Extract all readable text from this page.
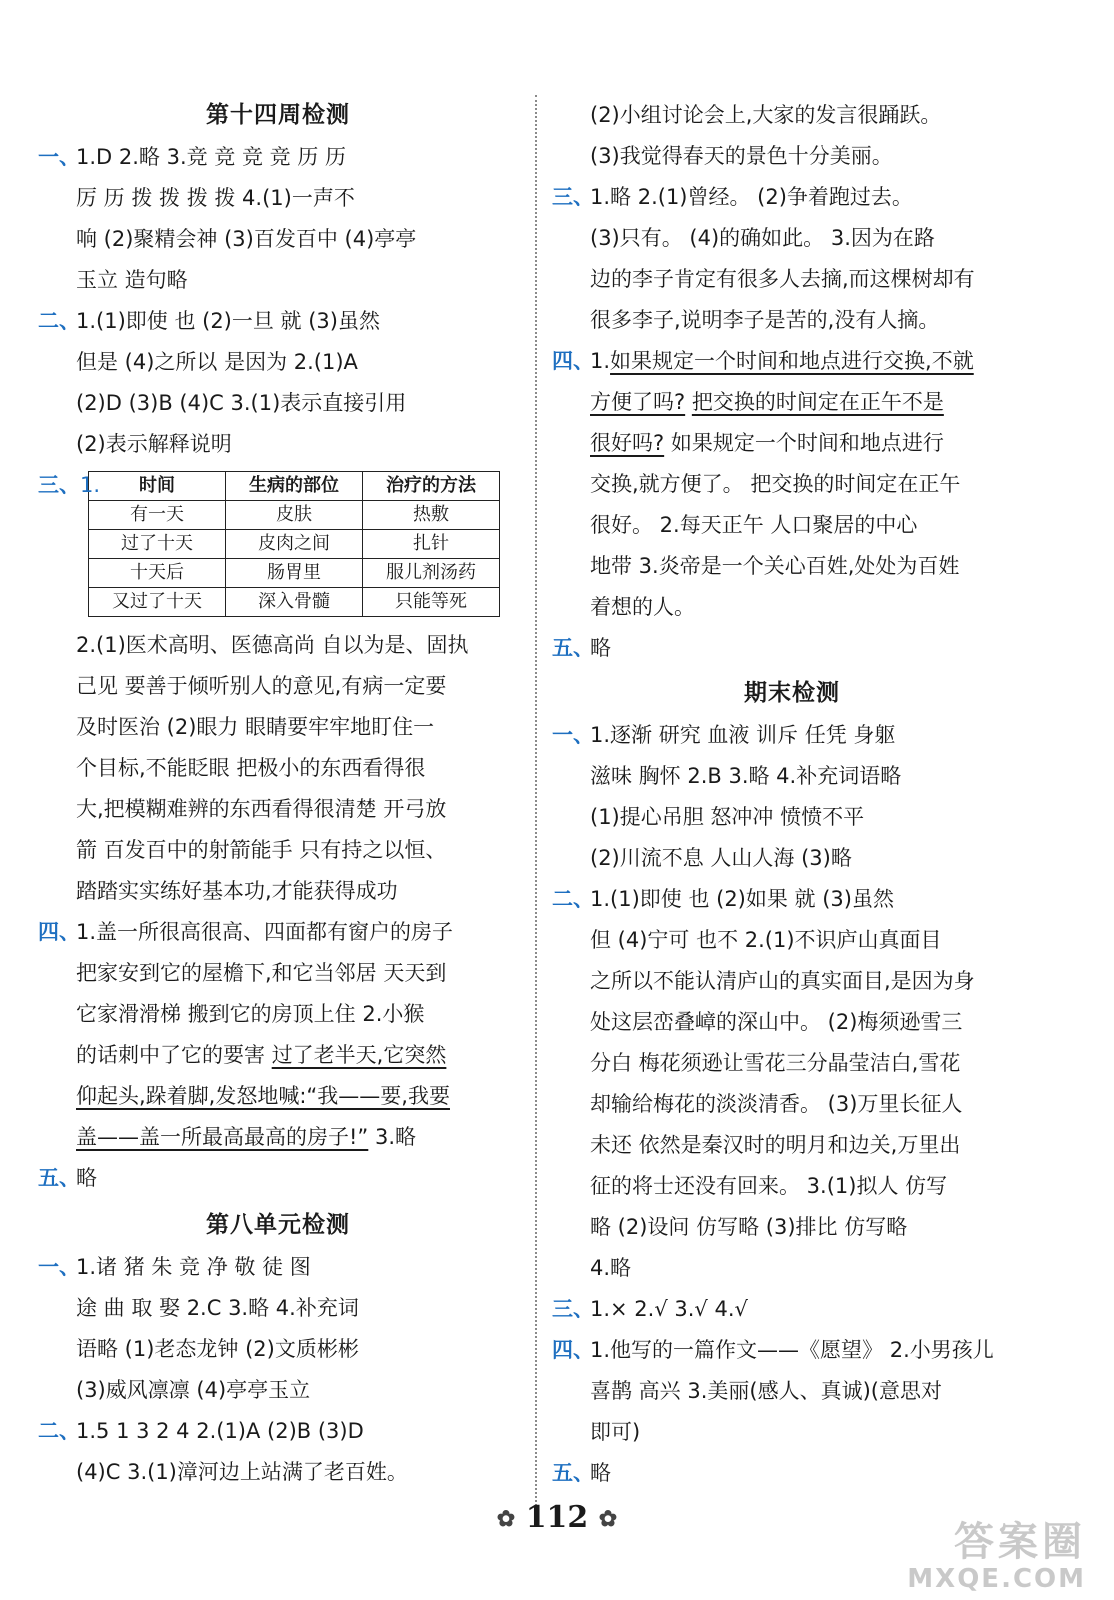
第十四周检测
一、
1.D 2.略 3.竞 竞 竞 竞 历 历
厉 历 拨 拨 拨 拨 4.(1)一声不
响 (2)聚精会神 (3)百发百中 (4)亭亭
玉立 造句略
二、
1.(1)即使 也 (2)一旦 就 (3)虽然
但是 (4)之所以 是因为 2.(1)A
(2)D (3)B (4)C 3.(1)表示直接引用
(2)表示解释说明
三、1. 时间	生病的部位	治疗的方法
有一天	皮肤	热敷
过了十天	皮肉之间	扎针
十天后	肠胃里	服儿剂汤药
又过了十天	深入骨髓	只能等死
2.(1)医术高明、医德高尚 自以为是、固执
己见 要善于倾听别人的意见,有病一定要
及时医治 (2)眼力 眼睛要牢牢地盯住一
个目标,不能眨眼 把极小的东西看得很
大,把模糊难辨的东西看得很清楚 开弓放
箭 百发百中的射箭能手 只有持之以恒、
踏踏实实练好基本功,才能获得成功
四、
1.盖一所很高很高、四面都有窗户的房子
把家安到它的屋檐下,和它当邻居 天天到
它家滑滑梯 搬到它的房顶上住 2.小猴
的话刺中了它的要害 过了老半天,它突然
仰起头,跺着脚,发怒地喊:“我——要,我要
盖——盖一所最高最高的房子!” 3.略
五、
略
第八单元检测
一、
1.诸 猪 朱 竞 净 敬 徒 图
途 曲 取 娶 2.C 3.略 4.补充词
语略 (1)老态龙钟 (2)文质彬彬
(3)威风凛凛 (4)亭亭玉立
二、
1.5 1 3 2 4 2.(1)A (2)B (3)D
(4)C 3.(1)漳河边上站满了老百姓。
(2)小组讨论会上,大家的发言很踊跃。
(3)我觉得春天的景色十分美丽。
三、
1.略 2.(1)曾经。 (2)争着跑过去。
(3)只有。 (4)的确如此。 3.因为在路
边的李子肯定有很多人去摘,而这棵树却有
很多李子,说明李子是苦的,没有人摘。
四、
1.如果规定一个时间和地点进行交换,不就
方便了吗? 把交换的时间定在正午不是
很好吗? 如果规定一个时间和地点进行
交换,就方便了。 把交换的时间定在正午
很好。 2.每天正午 人口聚居的中心
地带 3.炎帝是一个关心百姓,处处为百姓
着想的人。
五、
略
期末检测
一、
1.逐渐 研究 血液 训斥 任凭 身躯
滋味 胸怀 2.B 3.略 4.补充词语略
(1)提心吊胆 怒冲冲 愤愤不平
(2)川流不息 人山人海 (3)略
二、
1.(1)即使 也 (2)如果 就 (3)虽然
但 (4)宁可 也不 2.(1)不识庐山真面目
之所以不能认清庐山的真实面目,是因为身
处这层峦叠嶂的深山中。 (2)梅须逊雪三
分白 梅花须逊让雪花三分晶莹洁白,雪花
却输给梅花的淡淡清香。 (3)万里长征人
未还 依然是秦汉时的明月和边关,万里出
征的将士还没有回来。 3.(1)拟人 仿写
略 (2)设问 仿写略 (3)排比 仿写略
4.略
三、
1.× 2.√ 3.√ 4.√
四、
1.他写的一篇作文——《愿望》 2.小男孩儿
喜鹊 高兴 3.美丽(感人、真诚)(意思对
即可)
五、
略
✿ 112 ✿	答案圈
MXQE.COM
